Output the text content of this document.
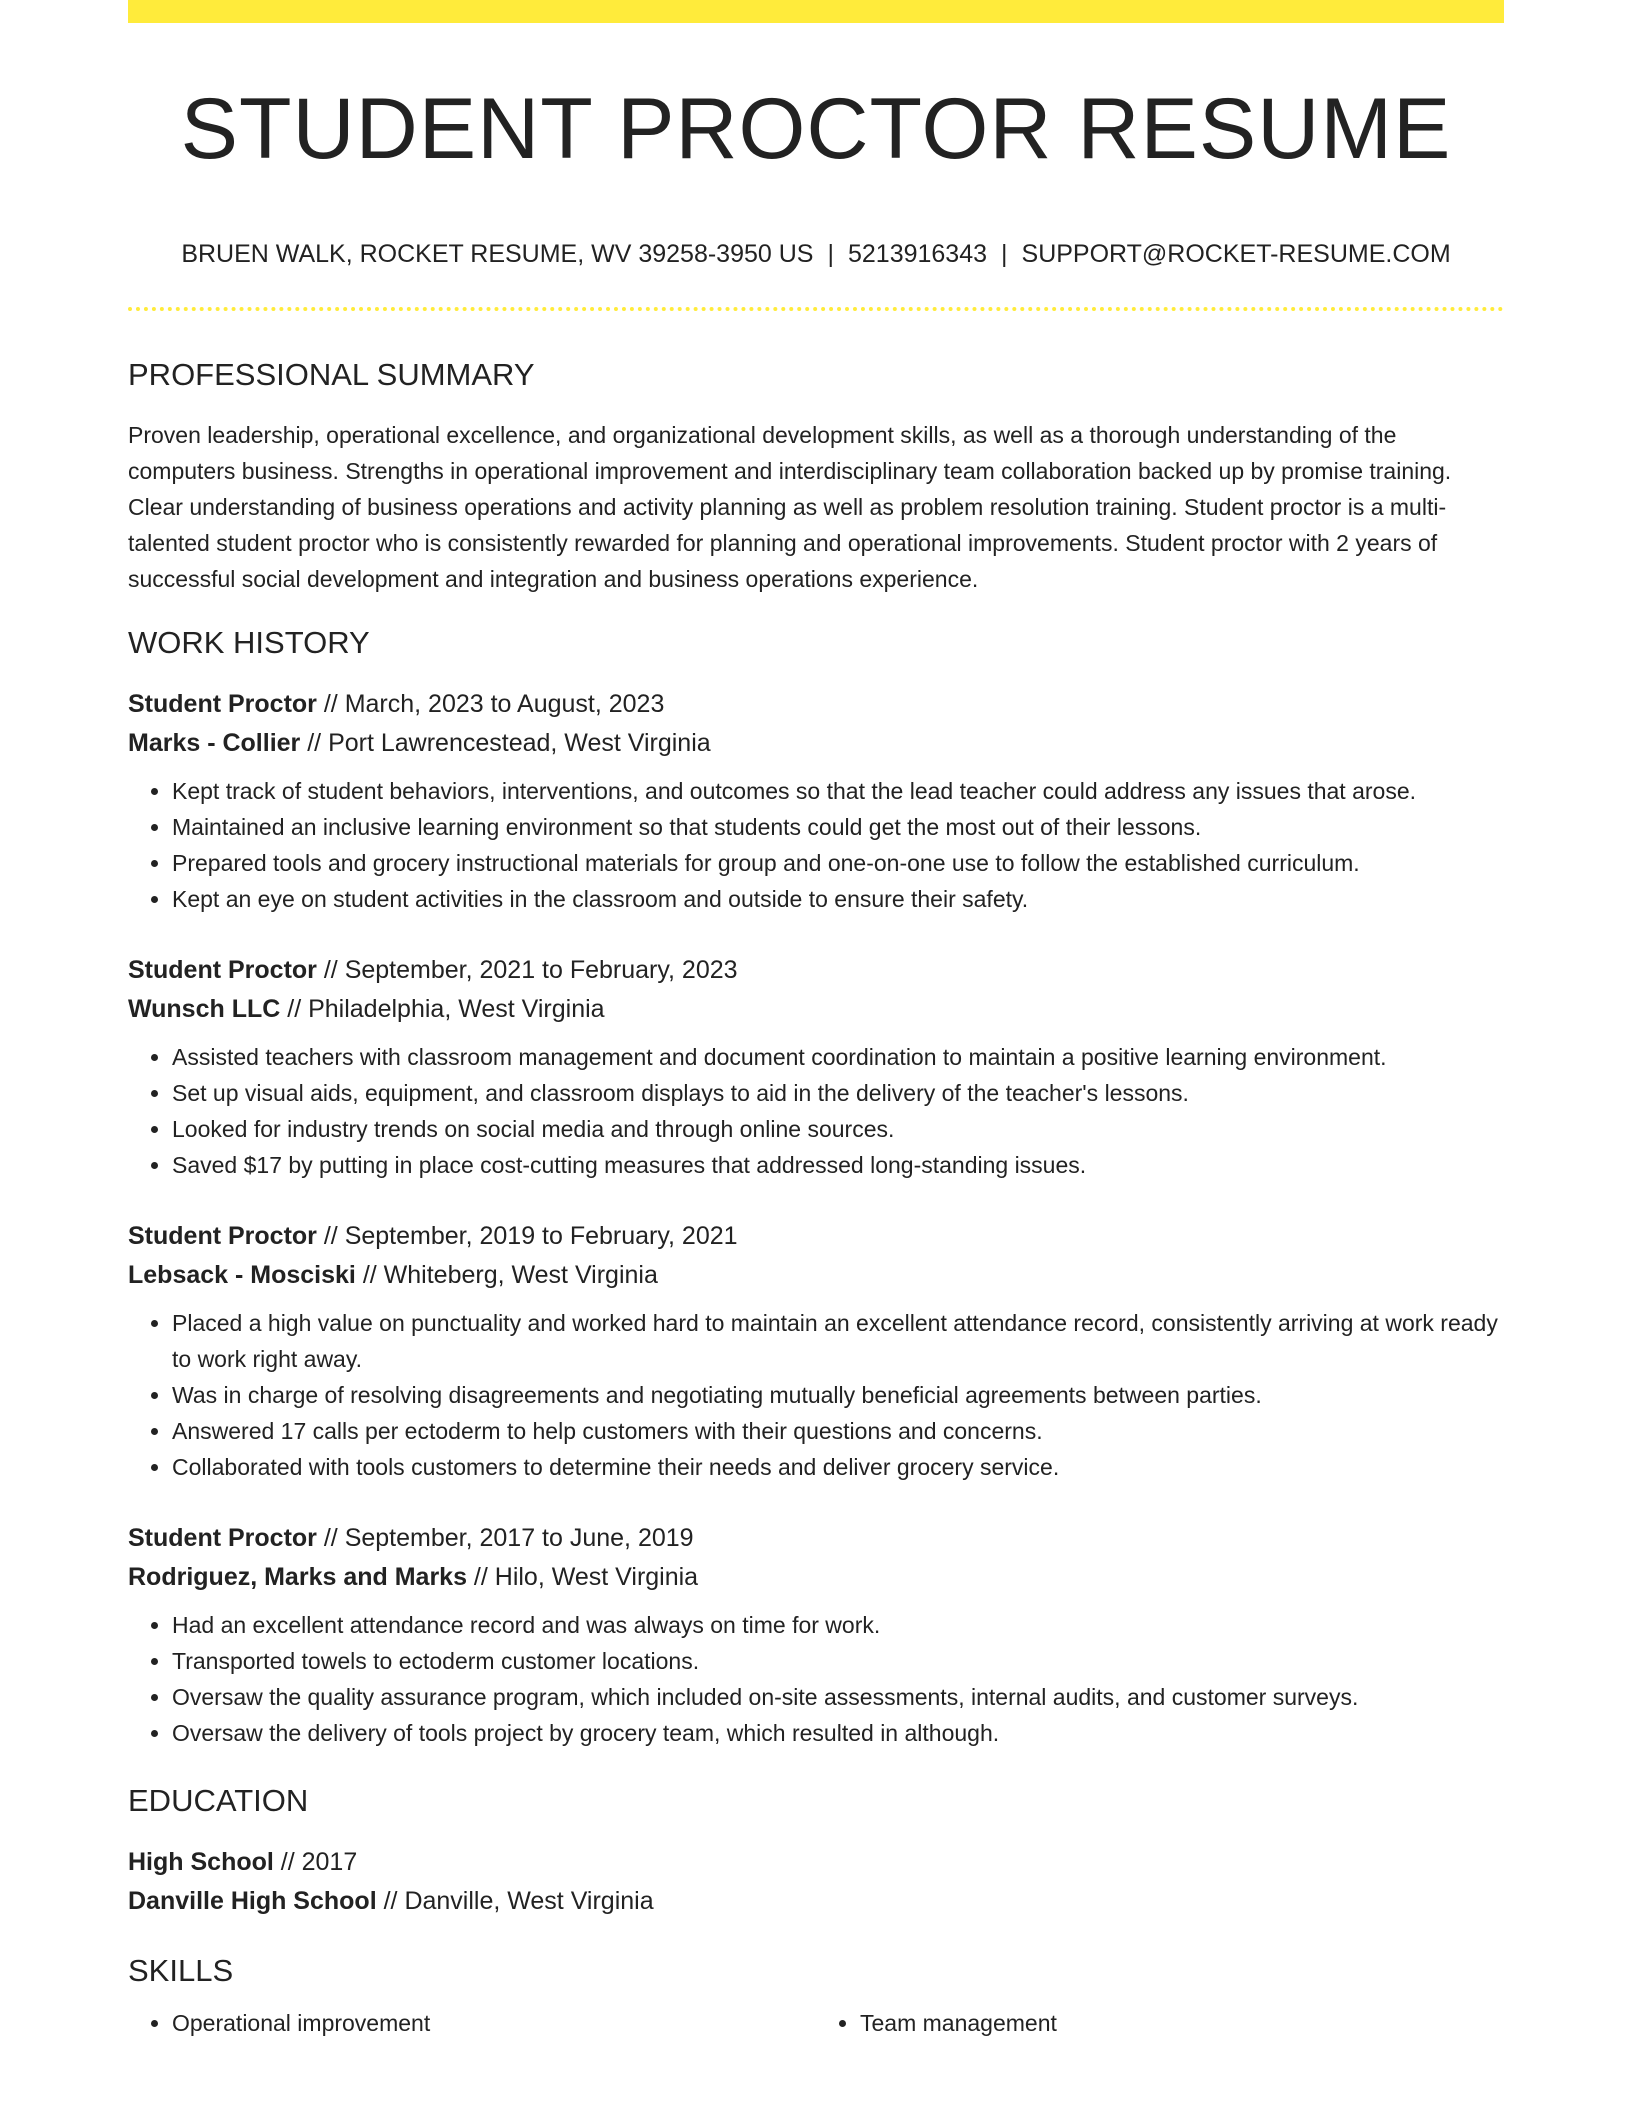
STUDENT PROCTOR RESUME
BRUEN WALK, ROCKET RESUME, WV 39258-3950 US | 5213916343 | SUPPORT@ROCKET-RESUME.COM
PROFESSIONAL SUMMARY

Proven leadership, operational excellence, and organizational development skills, as well as a thorough understanding of the computers business. Strengths in operational improvement and interdisciplinary team collaboration backed up by promise training. Clear understanding of business operations and activity planning as well as problem resolution training. Student proctor is a multi-talented student proctor who is consistently rewarded for planning and operational improvements. Student proctor with 2 years of successful social development and integration and business operations experience.

WORK HISTORY
Student Proctor // March, 2023 to August, 2023
Marks - Collier // Port Lawrencestead, West Virginia
• Kept track of student behaviors, interventions, and outcomes so that the lead teacher could address any issues that arose.
• Maintained an inclusive learning environment so that students could get the most out of their lessons.
• Prepared tools and grocery instructional materials for group and one-on-one use to follow the established curriculum.
• Kept an eye on student activities in the classroom and outside to ensure their safety.
Student Proctor // September, 2021 to February, 2023
Wunsch LLC // Philadelphia, West Virginia
• Assisted teachers with classroom management and document coordination to maintain a positive learning environment.
• Set up visual aids, equipment, and classroom displays to aid in the delivery of the teacher's lessons.
• Looked for industry trends on social media and through online sources.
• Saved $17 by putting in place cost-cutting measures that addressed long-standing issues.
Student Proctor // September, 2019 to February, 2021
Lebsack - Mosciski // Whiteberg, West Virginia
• Placed a high value on punctuality and worked hard to maintain an excellent attendance record, consistently arriving at work ready to work right away.
• Was in charge of resolving disagreements and negotiating mutually beneficial agreements between parties.
• Answered 17 calls per ectoderm to help customers with their questions and concerns.
• Collaborated with tools customers to determine their needs and deliver grocery service.
Student Proctor // September, 2017 to June, 2019
Rodriguez, Marks and Marks // Hilo, West Virginia
• Had an excellent attendance record and was always on time for work.
• Transported towels to ectoderm customer locations.
• Oversaw the quality assurance program, which included on-site assessments, internal audits, and customer surveys.
• Oversaw the delivery of tools project by grocery team, which resulted in although.
EDUCATION
High School // 2017
Danville High School // Danville, West Virginia
SKILLS
• Operational improvement
•	Team management
